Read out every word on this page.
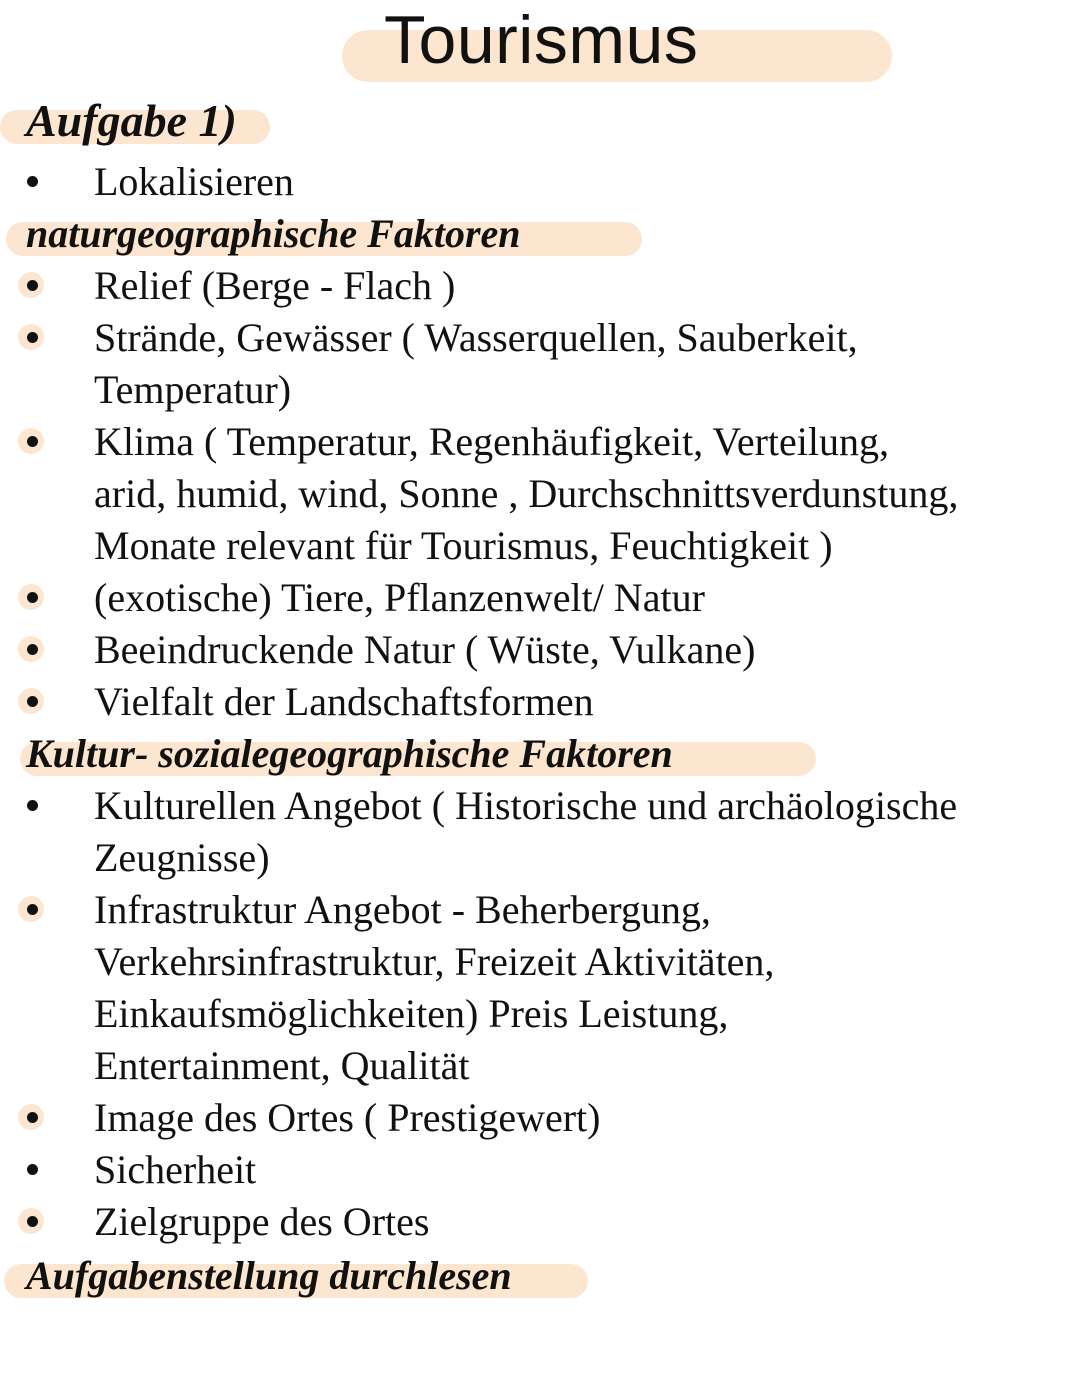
Tourismus
Aufgabe 1)
Lokalisieren
naturgeographische Faktoren
Relief (Berge - Flach )
Strände, Gewässer ( Wasserquellen, Sauberkeit,
Temperatur)
Klima ( Temperatur, Regenhäufigkeit, Verteilung,
arid, humid, wind, Sonne , Durchschnittsverdunstung,
Monate relevant für Tourismus, Feuchtigkeit )
(exotische) Tiere, Pflanzenwelt/ Natur
Beeindruckende Natur ( Wüste, Vulkane)
Vielfalt der Landschaftsformen
Kultur- sozialegeographische Faktoren
Kulturellen Angebot ( Historische und archäologische
Zeugnisse)
Infrastruktur Angebot - Beherbergung,
Verkehrsinfrastruktur, Freizeit Aktivitäten,
Einkaufsmöglichkeiten) Preis Leistung,
Entertainment, Qualität
Image des Ortes ( Prestigewert)
Sicherheit
Zielgruppe des Ortes
Aufgabenstellung durchlesen
